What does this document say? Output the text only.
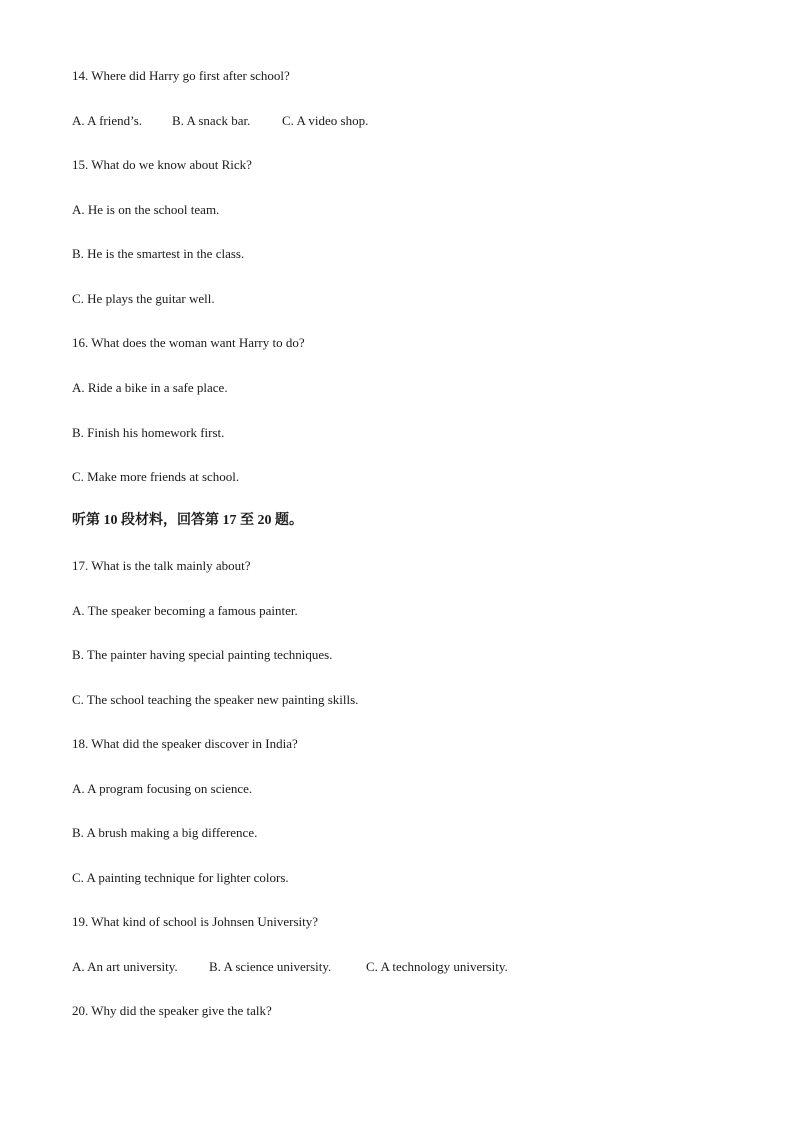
14. Where did Harry go first after school?
A. A friend’s. B. A snack bar. C. A video shop.
15. What do we know about Rick?
A. He is on the school team.
B. He is the smartest in the class.
C. He plays the guitar well.
16. What does the woman want Harry to do?
A. Ride a bike in a safe place.
B. Finish his homework first.
C. Make more friends at school.
听第 10 段材料，回答第 17 至 20 题。
17. What is the talk mainly about?
A. The speaker becoming a famous painter.
B. The painter having special painting techniques.
C. The school teaching the speaker new painting skills.
18. What did the speaker discover in India?
A. A program focusing on science.
B. A brush making a big difference.
C. A painting technique for lighter colors.
19. What kind of school is Johnsen University?
A. An art university. B. A science university.	C. A technology university.
20. Why did the speaker give the talk?
